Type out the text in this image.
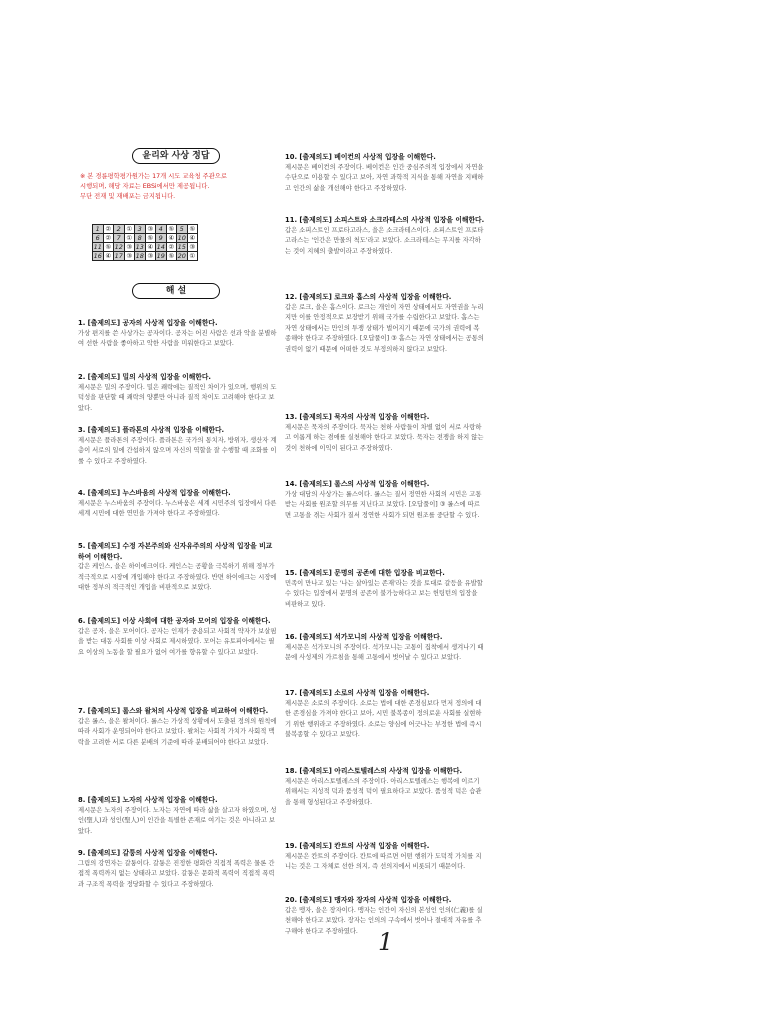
윤리와 사상 정답
※ 본 경륜평학평가원가는 17개 시도 교육청 주관으로
시행되며, 해당 자료는 EBSi에서만 제공됩니다.
무단 전재 및 재배포는 금지됩니다.
1	②	2	①	3	③	4	⑤	5	⑤
6	②	7	①	8	⑤	9	④	10	④
11	⑤	12	③	13	④	14	②	15	③
16	④	17	③	18	③	19	⑤	20	①
해 설
1. [출제의도] 공자의 사상적 입장을 이해한다.
가상 편지를 쓴 사상가는 공자이다. 공자는 어진 사람은 선과 악을 분별하여 선한 사람을 좋아하고 악한 사람을 미워한다고 보았다.
2. [출제의도] 밀의 사상적 입장을 이해한다.
제시문은 밀의 주장이다. 밀은 쾌락에는 질적인 차이가 있으며, 행위의 도덕성을 판단할 때 쾌락의 양뿐만 아니라 질적 차이도 고려해야 한다고 보았다.
3. [출제의도] 플라톤의 사상적 입장을 이해한다.
제시문은 플라톤의 주장이다. 플라톤은 국가의 통치자, 방위자, 생산자 계층이 서로의 일에 간섭하지 않으며 자신의 역할을 잘 수행할 때 조화를 이룰 수 있다고 주장하였다.
4. [출제의도] 누스바움의 사상적 입장을 이해한다.
제시문은 누스바움의 주장이다. 누스바움은 세계 시민주의 입장에서 다른 세계 시민에 대한 연민을 가져야 한다고 주장하였다.
5. [출제의도] 수정 자본주의와 신자유주의의 사상적 입장을 비교하여 이해한다.
갑은 케인스, 을은 하이에크이다. 케인스는 공황을 극복하기 위해 정부가 적극적으로 시장에 개입해야 한다고 주장하였다. 반면 하이에크는 시장에 대한 정부의 적극적인 개입을 비판적으로 보았다.
6. [출제의도] 이상 사회에 대한 공자와 모어의 입장을 이해한다.
갑은 공자, 을은 모어이다. 공자는 인재가 중용되고 사회적 약자가 보살핌을 받는 대동 사회를 이상 사회로 제시하였다. 모어는 유토피아에서는 필요 이상의 노동을 할 필요가 없어 여가를 향유할 수 있다고 보았다.
7. [출제의도] 롤스와 왈처의 사상적 입장을 비교하여 이해한다.
갑은 롤스, 을은 왈처이다. 롤스는 가상적 상황에서 도출된 정의의 원칙에 따라 사회가 운영되어야 한다고 보았다. 왈처는 사회적 가치가 사회적 맥락을 고려한 서로 다른 분배의 기준에 따라 분배되어야 한다고 보았다.
8. [출제의도] 노자의 사상적 입장을 이해한다.
제시문은 노자의 주장이다. 노자는 자연에 따라 삶을 살고자 하였으며, 성인(聖人)과 성인(聖人)이 인간을 특별한 존재로 여기는 것은 아니라고 보았다.
9. [출제의도] 갈퉁의 사상적 입장을 이해한다.
그림의 강연자는 갈퉁이다. 갈퉁은 진정한 평화란 직접적 폭력은 물론 간접적 폭력까지 없는 상태라고 보았다. 갈퉁은 문화적 폭력이 직접적 폭력과 구조적 폭력을 정당화할 수 있다고 주장하였다.
10. [출제의도] 베이컨의 사상적 입장을 이해한다.
제시문은 베이컨의 주장이다. 베이컨은 인간 중심주의적 입장에서 자연을 수단으로 이용할 수 있다고 보아, 자연 과학적 지식을 통해 자연을 지배하고 인간의 삶을 개선해야 한다고 주장하였다.
11. [출제의도] 소피스트와 소크라테스의 사상적 입장을 이해한다.
갑은 소피스트인 프로타고라스, 을은 소크라테스이다. 소피스트인 프로타고라스는 '인간은 만물의 척도'라고 보았다. 소크라테스는 무지를 자각하는 것이 지혜의 출발이라고 주장하였다.
12. [출제의도] 로크와 홉스의 사상적 입장을 이해한다.
갑은 로크, 을은 홉스이다. 로크는 개인이 자연 상태에서도 자연권을 누리지만 이를 안정적으로 보장받기 위해 국가를 수립한다고 보았다. 홉스는 자연 상태에서는 만인의 투쟁 상태가 벌어지기 때문에 국가의 권력에 복종해야 한다고 주장하였다. [오답풀이] ③ 홉스는 자연 상태에서는 공통의 권력이 없기 때문에 어떠한 것도 부정의하지 않다고 보았다.
13. [출제의도] 묵자의 사상적 입장을 이해한다.
제시문은 묵자의 주장이다. 묵자는 천하 사람들이 차별 없이 서로 사랑하고 이롭게 하는 겸애를 실천해야 한다고 보았다. 묵자는 전쟁을 하지 않는 것이 천하에 이익이 된다고 주장하였다.
14. [출제의도] 롤스의 사상적 입장을 이해한다.
가상 대담의 사상가는 롤스이다. 롤스는 질서 정연한 사회의 시민은 고통받는 사회를 원조할 의무를 지닌다고 보았다. [오답풀이] ③ 롤스에 따르면 고통을 겪는 사회가 질서 정연한 사회가 되면 원조를 중단할 수 있다.
15. [출제의도] 문명의 공존에 대한 입장을 비교한다.
민족이 만나고 있는 '나는 살아있는 존재'라는 것을 토대로 갈등을 유발할 수 있다는 입장에서 문명의 공존이 불가능하다고 보는 헌팅턴의 입장을 비판하고 있다.
16. [출제의도] 석가모니의 사상적 입장을 이해한다.
제시문은 석가모니의 주장이다. 석가모니는 고통이 집착에서 생겨나기 때문에 사성제의 가르침을 통해 고통에서 벗어날 수 있다고 보았다.
17. [출제의도] 소로의 사상적 입장을 이해한다.
제시문은 소로의 주장이다. 소로는 법에 대한 존경심보다 먼저 정의에 대한 존경심을 가져야 한다고 보아, 시민 불복종이 정의로운 사회를 실현하기 위한 행위라고 주장하였다. 소로는 양심에 어긋나는 부정한 법에 즉시 불복종할 수 있다고 보았다.
18. [출제의도] 아리스토텔레스의 사상적 입장을 이해한다.
제시문은 아리스토텔레스의 주장이다. 아리스토텔레스는 행복에 이르기 위해서는 지성적 덕과 품성적 덕이 필요하다고 보았다. 품성적 덕은 습관을 통해 형성된다고 주장하였다.
19. [출제의도] 칸트의 사상적 입장을 이해한다.
제시문은 칸트의 주장이다. 칸트에 따르면 어떤 행위가 도덕적 가치를 지니는 것은 그 자체로 선한 의지, 즉 선의지에서 비롯되기 때문이다.
20. [출제의도] 맹자와 장자의 사상적 입장을 이해한다.
갑은 맹자, 을은 장자이다. 맹자는 인간이 자신의 본성인 인의(仁義)를 실천해야 한다고 보았다. 장자는 인의의 구속에서 벗어나 절대적 자유를 추구해야 한다고 주장하였다. 1
